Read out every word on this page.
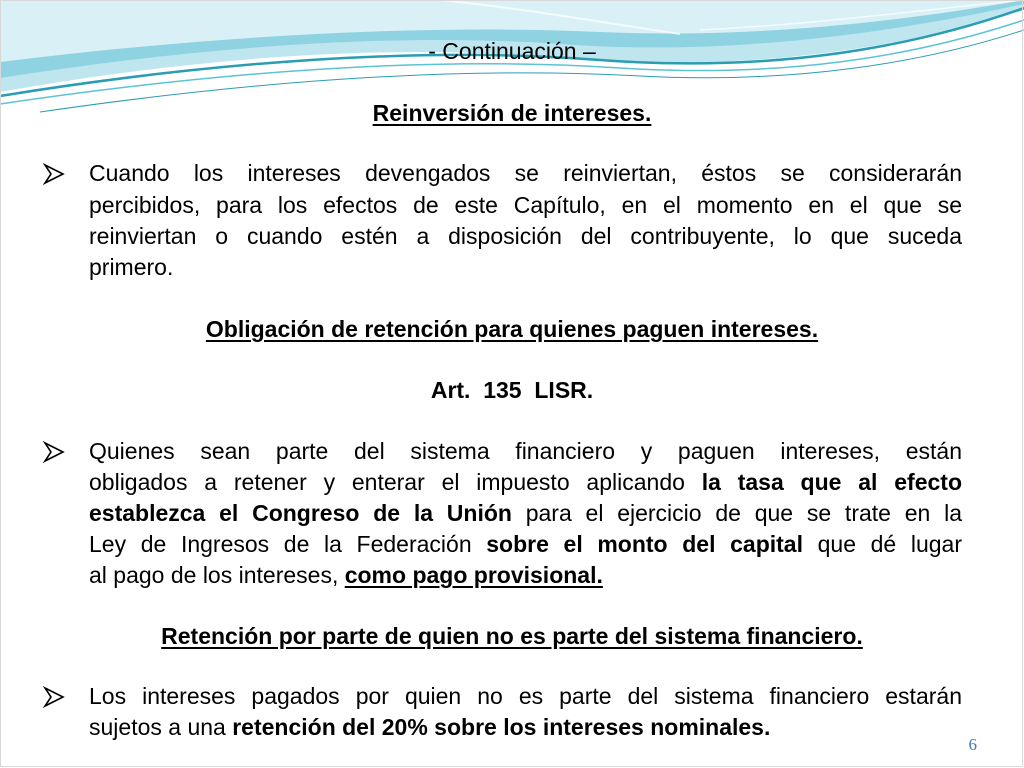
- Continuación –
Reinversión de intereses.
Cuando los intereses devengados se reinviertan, éstos se considerarán
percibidos, para los efectos de este Capítulo, en el momento en el que se
reinviertan o cuando estén a disposición del contribuyente, lo que suceda
primero.
Obligación de retención para quienes paguen intereses.
Art.  135  LISR.
Quienes sean parte del sistema financiero y paguen intereses, están
obligados a retener y enterar el impuesto aplicando la tasa que al efecto
establezca el Congreso de la Unión para el ejercicio de que se trate en la
Ley de Ingresos de la Federación sobre el monto del capital que dé lugar
al pago de los intereses, como pago provisional.
Retención por parte de quien no es parte del sistema financiero.
Los intereses pagados por quien no es parte del sistema financiero estarán
sujetos a una retención del 20% sobre los intereses nominales.
6
